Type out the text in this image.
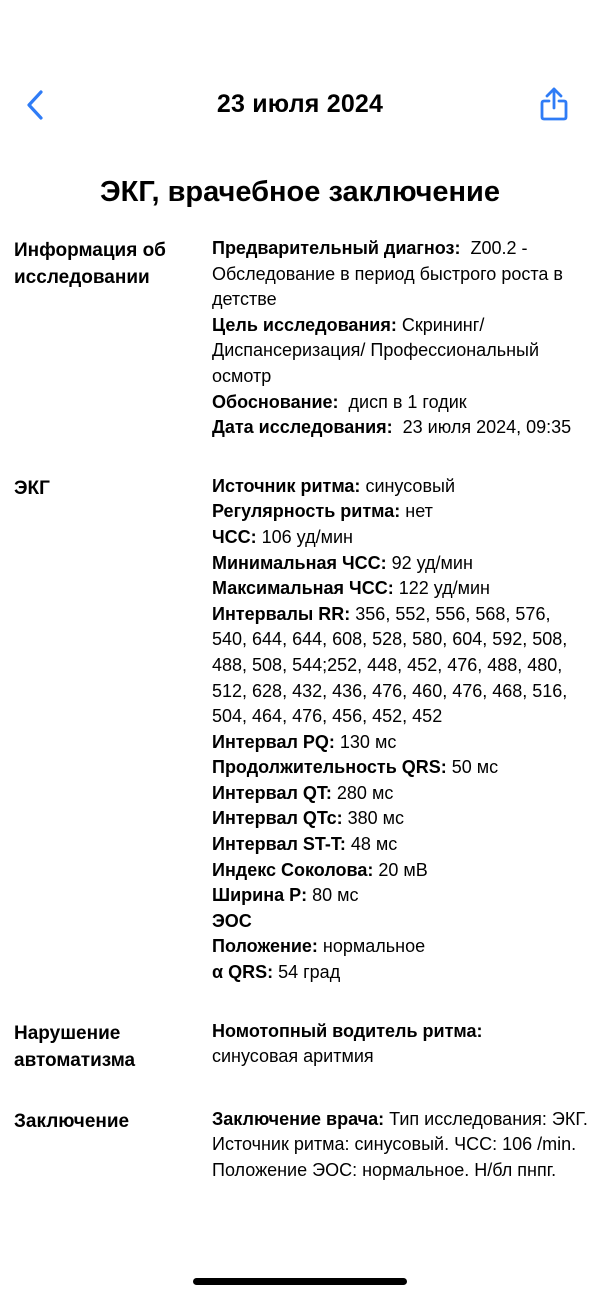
23 июля 2024
ЭКГ, врачебное заключение
Информация об исследовании
Предварительный диагноз:  Z00.2 - Обследование в период быстрого роста в детстве
Цель исследования: Скрининг/ Диспансеризация/ Профессиональный осмотр
Обоснование:  дисп в 1 годик
Дата исследования:  23 июля 2024, 09:35
ЭКГ	Источник ритма: синусовый
Регулярность ритма: нет
ЧСС: 106 уд/мин
Минимальная ЧСС: 92 уд/мин
Максимальная ЧСС: 122 уд/мин
Интервалы RR: 356, 552, 556, 568, 576, 540, 644, 644, 608, 528, 580, 604, 592, 508, 488, 508, 544;252, 448, 452, 476, 488, 480, 512, 628, 432, 436, 476, 460, 476, 468, 516, 504, 464, 476, 456, 452, 452
Интервал PQ: 130 мс
Продолжительность QRS: 50 мс
Интервал QT: 280 мс
Интервал QTc: 380 мс
Интервал ST-T: 48 мс
Индекс Соколова: 20 мВ
Ширина P: 80 мс
ЭОС
Положение: нормальное
α QRS: 54 град
Нарушение автоматизма
Номотопный водитель ритма:
синусовая аритмия
Заключение	Заключение врача: Тип исследования: ЭКГ. Источник ритма: синусовый. ЧСС: 106 /min. Положение ЭОС: нормальное. Н/бл пнпг.
